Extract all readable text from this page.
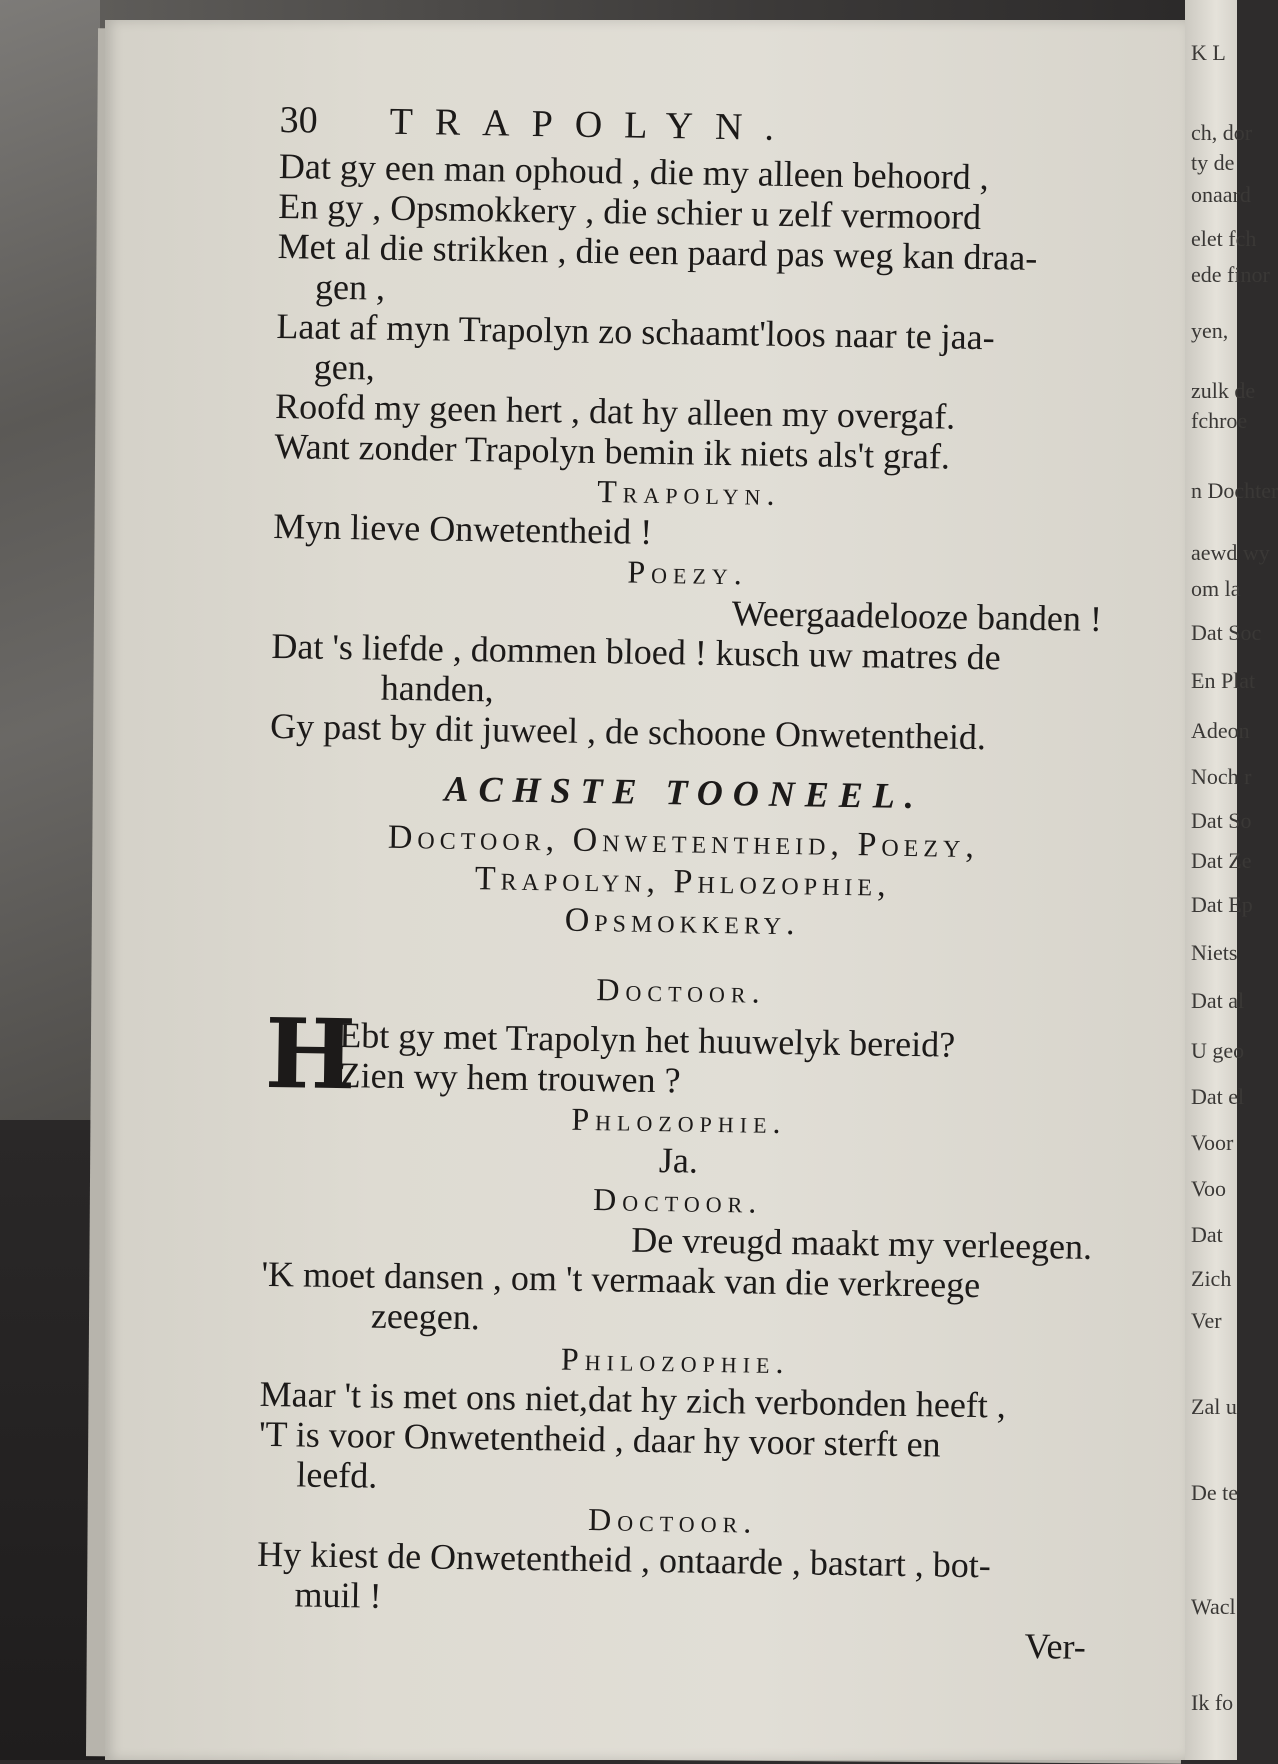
K L
ch, dor
ty de
onaard
elet fch
ede finor
yen,
zulk de
fchroe
n Dochter
aewd wy
om la
Dat Soc
En Plat
Adeon
Noch r
Dat So
Dat Ze
Dat Ep
Niets
Dat al
U geo
Dat el
Voor
Voo
Dat
Zich
Ver
Zal u
De te
Wacl
Ik fo
30	TRAPOLYN.
Dat gy een man ophoud , die my alleen behoord ,
En gy , Opsmokkery , die schier u zelf vermoord
Met al die strikken , die een paard pas weg kan draa-
gen ,
Laat af myn Trapolyn zo schaamt'loos naar te jaa-
gen,
Roofd my geen hert , dat hy alleen my overgaf.
Want zonder Trapolyn bemin ik niets als't graf.
Trapolyn.
Myn lieve Onwetentheid !
Poezy.
Weergaadelooze banden !
Dat 's liefde , dommen bloed ! kusch uw matres de
handen,
Gy past by dit juweel , de schoone Onwetentheid.
ACHSTE TOONEEL.
Doctoor, Onwetentheid, Poezy,
Trapolyn, Phlozophie,
Opsmokkery.
Doctoor.
H
Ebt gy met Trapolyn het huuwelyk bereid?
Zien wy hem trouwen ?
Phlozophie.
Ja.
Doctoor.
De vreugd maakt my verleegen.
'K moet dansen , om 't vermaak van die verkreege
zeegen.
Philozophie.
Maar 't is met ons niet,dat hy zich verbonden heeft ,
'T is voor Onwetentheid , daar hy voor sterft en
leefd.
Doctoor.
Hy kiest de Onwetentheid , ontaarde , bastart , bot-
muil !
Ver-
